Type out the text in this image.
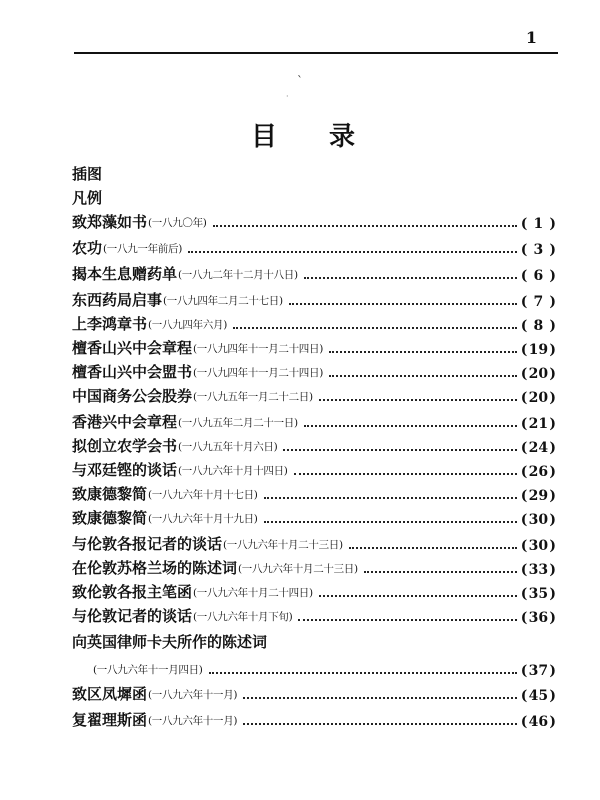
1
ˋ
·
目录
插图
凡例
致郑藻如书 (一八九〇年)	( 1 )
农功 (一八九一年前后)	( 3 )
揭本生息赠药单 (一八九二年十二月十八日)	( 6 )
东西药局启事 (一八九四年二月二十七日)	( 7 )
上李鸿章书 (一八九四年六月)	( 8 )
檀香山兴中会章程 (一八九四年十一月二十四日)	(19)
檀香山兴中会盟书 (一八九四年十一月二十四日)	(20)
中国商务公会股券 (一八九五年一月二十二日)	(20)
香港兴中会章程 (一八九五年二月二十一日)	(21)
拟创立农学会书 (一八九五年十月六日)	(24)
与邓廷铿的谈话 (一八九六年十月十四日)	(26)
致康德黎简 (一八九六年十月十七日)	(29)
致康德黎简 (一八九六年十月十九日)	(30)
与伦敦各报记者的谈话 (一八九六年十月二十三日)	(30)
在伦敦苏格兰场的陈述词 (一八九六年十月二十三日)	(33)
致伦敦各报主笔函 (一八九六年十月二十四日)	(35)
与伦敦记者的谈话 (一八九六年十月下旬)	(36)
向英国律师卡夫所作的陈述词
(一八九六年十一月四日)	(37)
致区凤墀函 (一八九六年十一月)	(45)
复翟理斯函 (一八九六年十一月)	(46)
